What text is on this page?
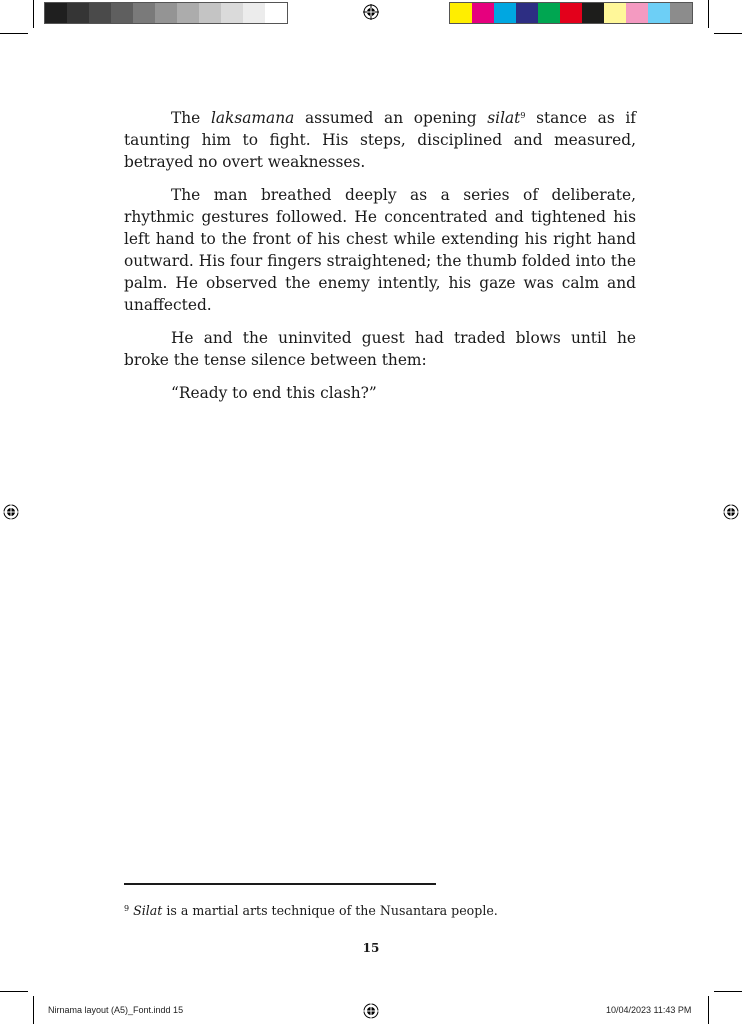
The laksamana assumed an opening silat$^9$ stance as if taunting him to fight. His steps, disciplined and measured, betrayed no overt weaknesses.

The man breathed deeply as a series of deliberate, rhythmic gestures followed. He concentrated and tightened his left hand to the front of his chest while extending his right hand outward. His four fingers straightened; the thumb folded into the palm. He observed the enemy intently, his gaze was calm and unaffected.

He and the uninvited guest had traded blows until he broke the tense silence between them:

“Ready to end this clash?”

$^9$ Silat is a martial arts technique of the Nusantara people.
15
Nirnama layout (A5)_Font.indd 15	10/04/2023 11:43 PM
